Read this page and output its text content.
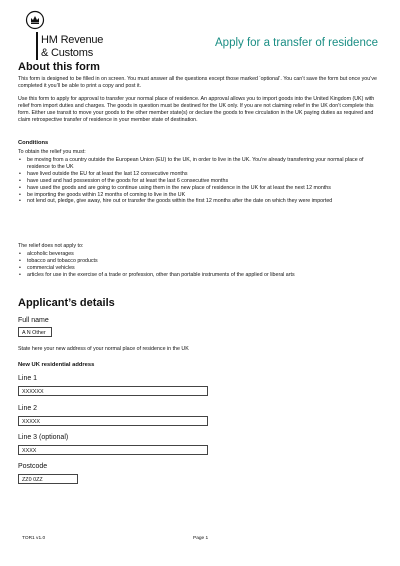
HM Revenue
& Customs
Apply for a transfer of residence
About this form

This form is designed to be filled in on screen. You must answer all the questions except those marked ‘optional’. You can’t save the form but once you’ve completed it you’ll be able to print a copy and post it.

Use this form to apply for approval to transfer your normal place of residence. An approval allows you to import goods into the United Kingdom (UK) with relief from import duties and charges. The goods in question must be destined for the UK only. If you are not claiming relief in the UK don’t complete this form. Either use transit to move your goods to the other member state(s) or declare the goods to free circulation in the UK paying duties as required and claim retrospective transfer of residence in your member state of destination.

Conditions

To obtain the relief you must:

• be moving from a country outside the European Union (EU) to the UK, in order to live in the UK. You’re already transferring your normal place of residence to the UK
• have lived outside the EU for at least the last 12 consecutive months
• have used and had possession of the goods for at least the last 6 consecutive months
• have used the goods and are going to continue using them in the new place of residence in the UK for at least the next 12 months
• be importing the goods within 12 months of coming to live in the UK
• not lend out, pledge, give away, hire out or transfer the goods within the first 12 months after the date on which they were imported

The relief does not apply to:

• alcoholic beverages
• tobacco and tobacco products
• commercial vehicles
• articles for use in the exercise of a trade or profession, other than portable instruments of the applied or liberal arts
Applicant’s details
Full name
A N Other
State here your new address of your normal place of residence in the UK
New UK residential address
Line 1
XXXXXX
Line 2
XXXXX
Line 3 (optional)
XXXX
Postcode
ZZ0 0ZZ
TOR1 v1.0	Page 1
